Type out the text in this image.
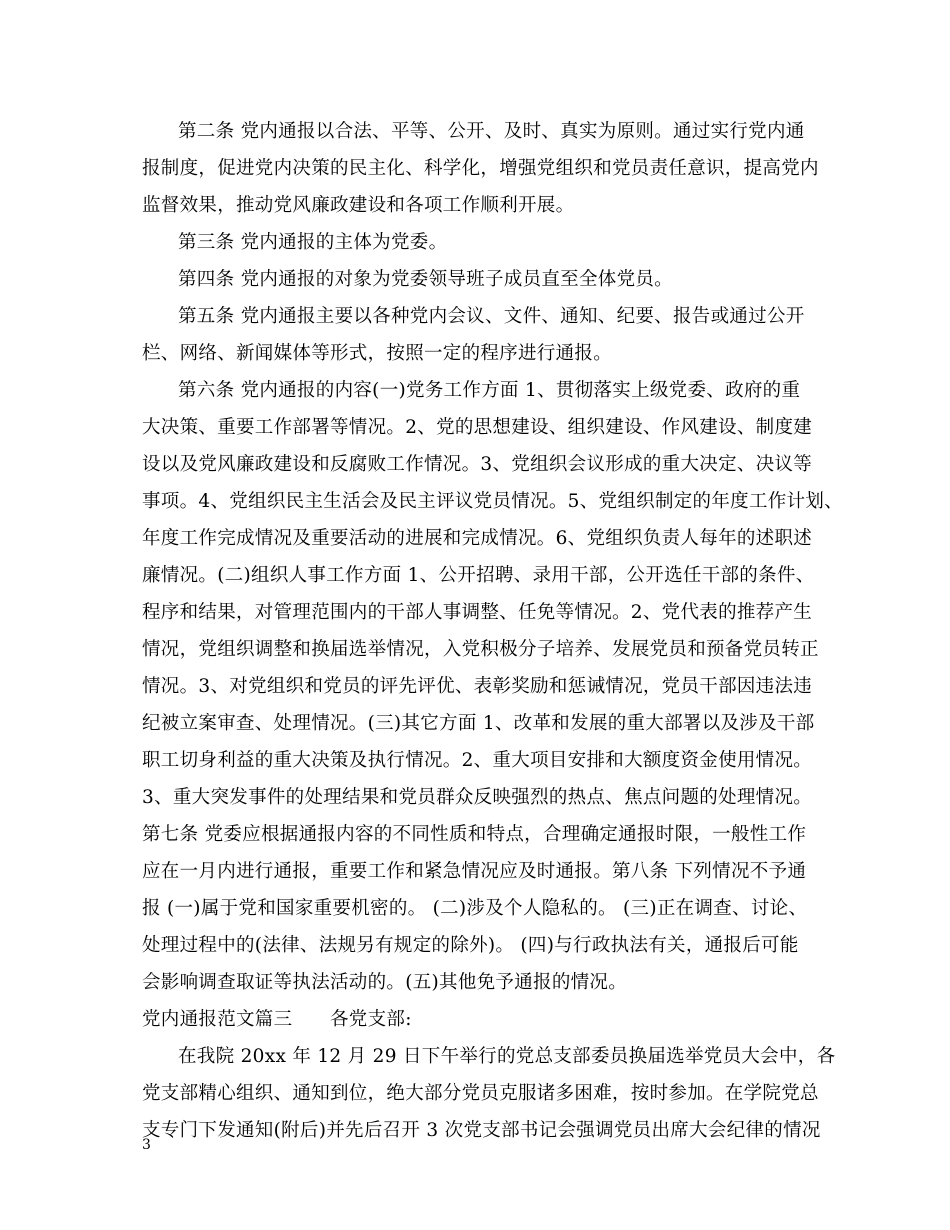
第二条 党内通报以合法、平等、公开、及时、真实为原则。通过实行党内通
报制度，促进党内决策的民主化、科学化，增强党组织和党员责任意识，提高党内
监督效果，推动党风廉政建设和各项工作顺利开展。
第三条 党内通报的主体为党委。
第四条 党内通报的对象为党委领导班子成员直至全体党员。
第五条 党内通报主要以各种党内会议、文件、通知、纪要、报告或通过公开
栏、网络、新闻媒体等形式，按照一定的程序进行通报。
第六条 党内通报的内容(一)党务工作方面 1、贯彻落实上级党委、政府的重
大决策、重要工作部署等情况。2、党的思想建设、组织建设、作风建设、制度建
设以及党风廉政建设和反腐败工作情况。3、党组织会议形成的重大决定、决议等
事项。4、党组织民主生活会及民主评议党员情况。5、党组织制定的年度工作计划、
年度工作完成情况及重要活动的进展和完成情况。6、党组织负责人每年的述职述
廉情况。(二)组织人事工作方面 1、公开招聘、录用干部，公开选任干部的条件、
程序和结果，对管理范围内的干部人事调整、任免等情况。2、党代表的推荐产生
情况，党组织调整和换届选举情况，入党积极分子培养、发展党员和预备党员转正
情况。3、对党组织和党员的评先评优、表彰奖励和惩诫情况，党员干部因违法违
纪被立案审查、处理情况。(三)其它方面 1、改革和发展的重大部署以及涉及干部
职工切身利益的重大决策及执行情况。2、重大项目安排和大额度资金使用情况。
3、重大突发事件的处理结果和党员群众反映强烈的热点、焦点问题的处理情况。
第七条 党委应根据通报内容的不同性质和特点，合理确定通报时限，一般性工作
应在一月内进行通报，重要工作和紧急情况应及时通报。第八条 下列情况不予通
报 (一)属于党和国家重要机密的。 (二)涉及个人隐私的。 (三)正在调查、讨论、
处理过程中的(法律、法规另有规定的除外)。 (四)与行政执法有关，通报后可能
会影响调查取证等执法活动的。(五)其他免予通报的情况。
党内通报范文篇三　　各党支部:
在我院 20xx 年 12 月 29 日下午举行的党总支部委员换届选举党员大会中，各
党支部精心组织、通知到位，绝大部分党员克服诸多困难，按时参加。在学院党总
支专门下发通知(附后)并先后召开 3 次党支部书记会强调党员出席大会纪律的情况
3
